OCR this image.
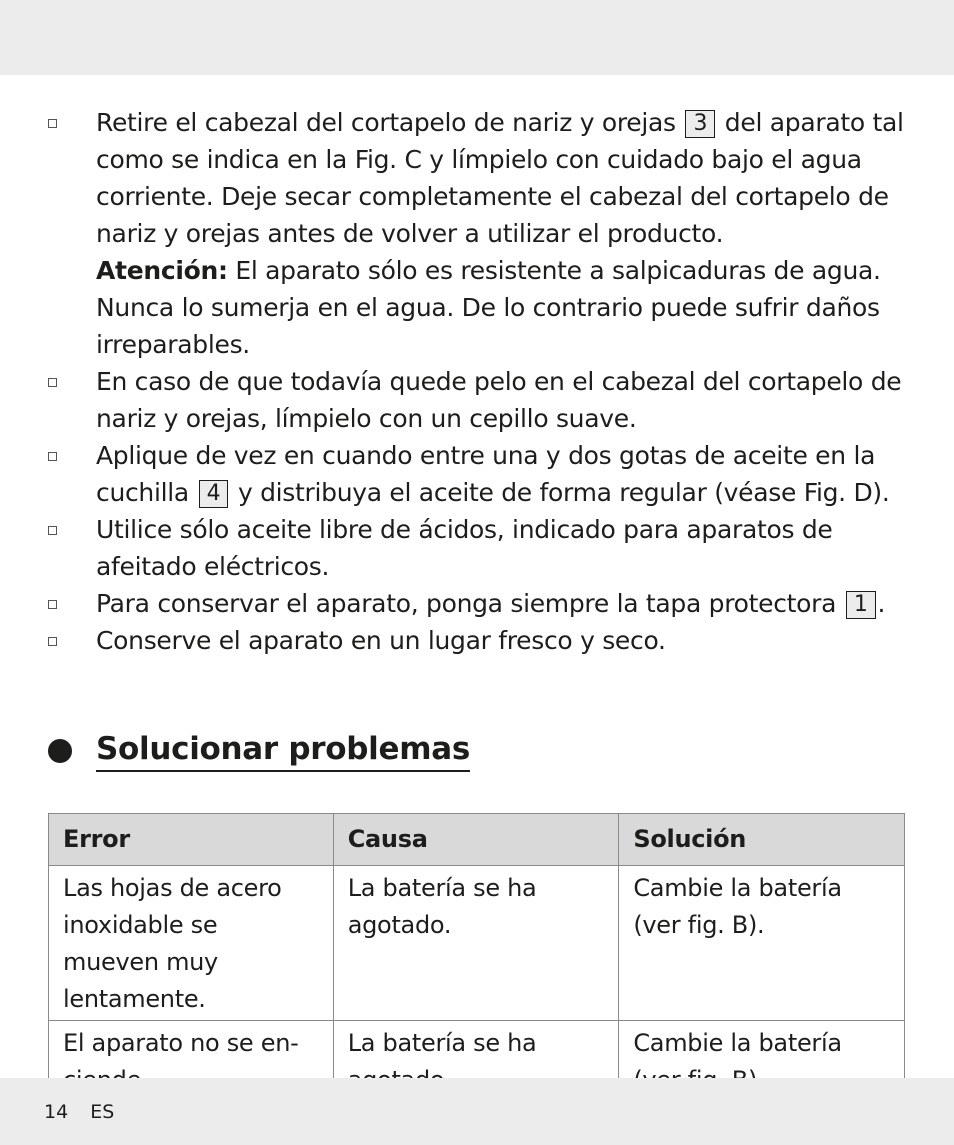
Retire el cabezal del cortapelo de nariz y orejas 3 del aparato tal como se indica en la Fig. C y límpielo con cuidado bajo el agua corriente. Deje secar completamente el cabezal del cortapelo de nariz y orejas antes de volver a utilizar el producto.
Atención: El aparato sólo es resistente a salpicaduras de agua. Nunca lo sumerja en el agua. De lo contrario puede sufrir daños irreparables.
En caso de que todavía quede pelo en el cabezal del cortapelo de nariz y orejas, límpielo con un cepillo suave.
Aplique de vez en cuando entre una y dos gotas de aceite en la cuchilla 4 y distribuya el aceite de forma regular (véase Fig. D).
Utilice sólo aceite libre de ácidos, indicado para aparatos de afeitado eléctricos.
Para conservar el aparato, ponga siempre la tapa protectora 1 .
Conserve el aparato en un lugar fresco y seco.
Solucionar problemas
Error	Causa	Solución
Las hojas de acero inoxidable se mueven muy lentamente.	La batería se ha agotado.	Cambie la batería (ver fig. B).
El aparato no se en-	La batería se ha	Cambie la batería
14 ES
